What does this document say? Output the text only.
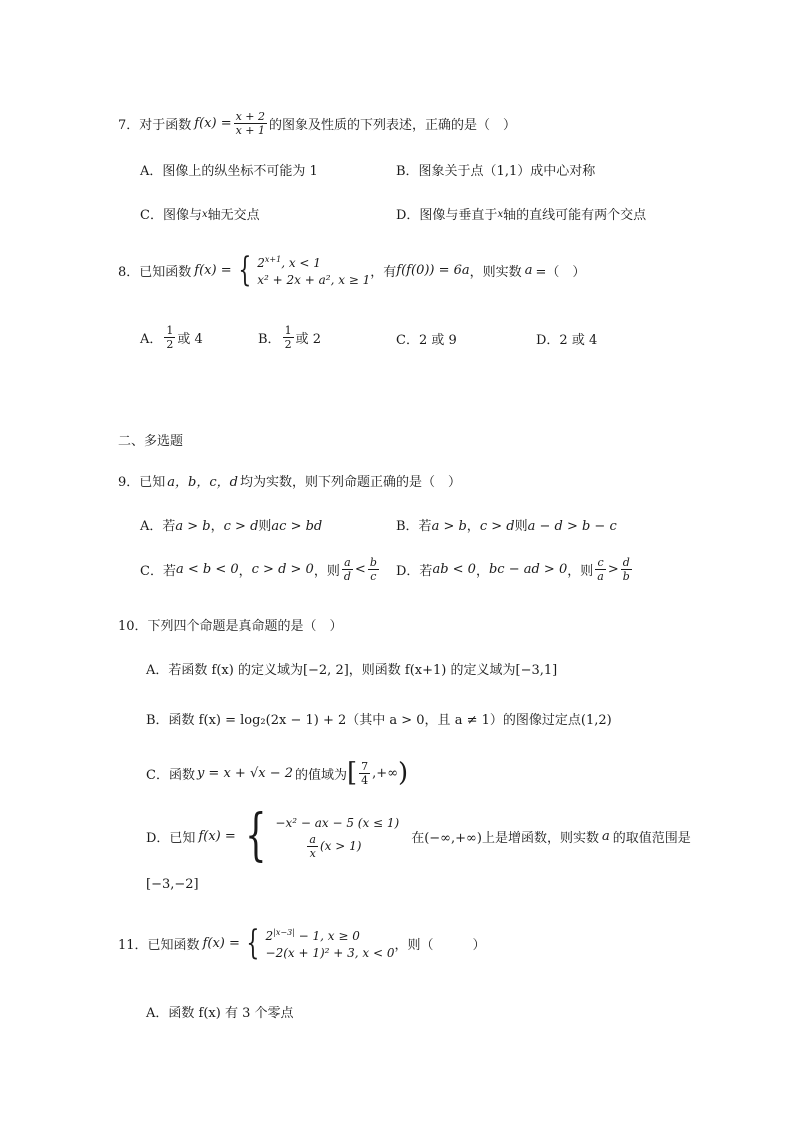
7． 对于函数 $f(x) = \frac{x + 2}{x + 1}$ 的图象及性质的下列表述，正确的是（　）
A．图像上的纵坐标不可能为 1	B．图象关于点（1,1）成中心对称
C．图像与x轴无交点	D．图像与垂直于x轴的直线可能有两个交点
8． 已知函数 f(x) = { $2^{x+1}$, x < 1
x² + 2x + a², x ≥ 1
，有 f(f(0)) = 6a ，则实数 a =（　）
A． $\frac{1}{2}$ 或 4	B． $\frac{1}{2}$ 或 2	C．2 或 9	D．2 或 4
二、多选题
9．已知 a，b，c，d 均为实数，则下列命题正确的是（　）
A．若a > b，c > d则ac > bd	B．若a > b，c > d则a − d > b − c
C．若 a < b < 0 ， c > d > 0 ，则 $\frac{a}{d} < \frac{b}{c}$ D．若 ab < 0 ， bc − ad > 0 ，则 $\frac{c}{a} > \frac{d}{b}$
10．下列四个命题是真命题的是（　）
A．若函数 f(x) 的定义域为[−2, 2]，则函数 f(x+1) 的定义域为[−3,1]
B．函数 f(x) = log₂(2x − 1) + 2（其中 a > 0，且 a ≠ 1）的图像过定点(1,2)
C．函数 y = x + √x − 2 的值域为 [ $\frac{7}{4}$ ,+∞ )
D．已知 f(x) = { −x² − ax − 5 (x ≤ 1)
$\frac{a}{x} (x > 1)$
在(−∞,+∞)上是增函数，则实数 a 的取值范围是
[−3,−2]
11． 已知函数 f(x) = { $2^{|x-3|} - 1$, x ≥ 0
−2(x + 1)² + 3, x < 0
，则（　　　）
A．函数 f(x) 有 3 个零点
